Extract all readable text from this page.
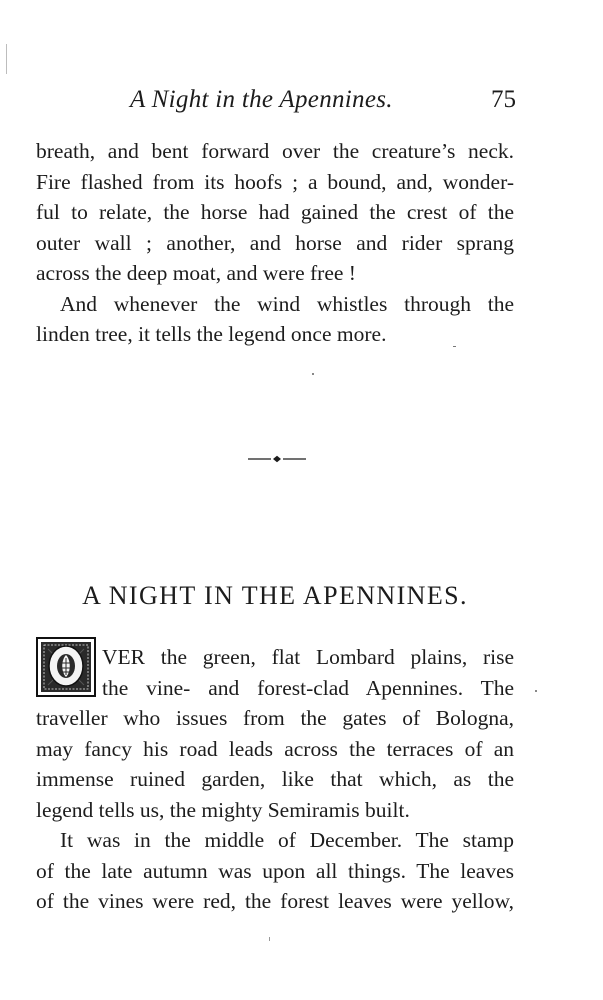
A Night in the Apennines.	75
breath, and bent forward over the creature’s neck.
Fire flashed from its hoofs ; a bound, and, wonder-
ful to relate, the horse had gained the crest of the
outer wall ; another, and horse and rider sprang
across the deep moat, and were free !
And whenever the wind whistles through the
linden tree, it tells the legend once more.
A NIGHT IN THE APENNINES.
VER the green, flat Lombard plains, rise
the vine- and forest-clad Apennines. The
traveller who issues from the gates of Bologna,
may fancy his road leads across the terraces of an
immense ruined garden, like that which, as the
legend tells us, the mighty Semiramis built.
It was in the middle of December. The stamp
of the late autumn was upon all things. The leaves
of the vines were red, the forest leaves were yellow,
